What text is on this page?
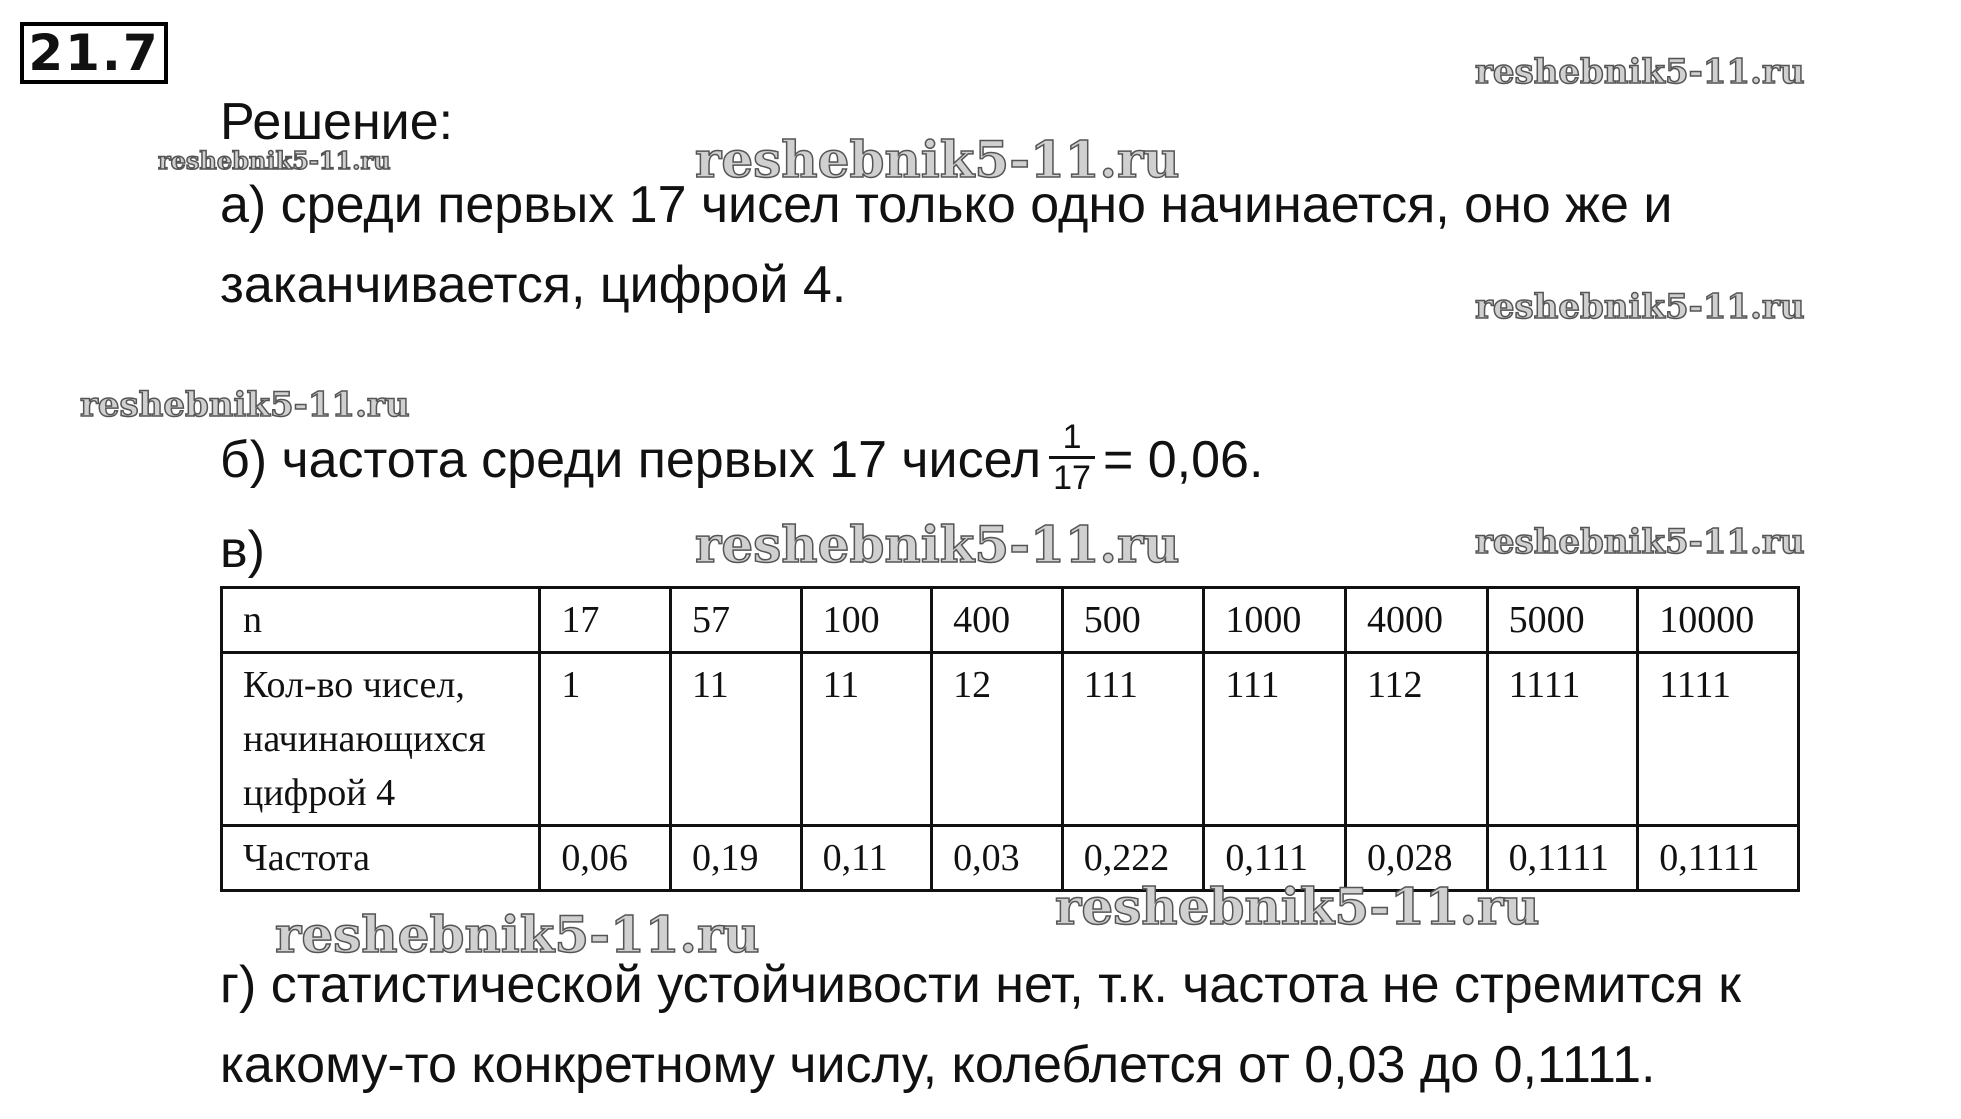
21.7
Решение:
а) среди первых 17 чисел только одно начинается, оно же и заканчивается, цифрой 4.
б) частота среди первых 17 чисел $\frac{1}{17} = 0,06$.
в)
n	17	57	100	400	500	1000	4000	5000	10000
Кол-во чисел, начинающихся цифрой 4	1	11	11	12	111	111	112	1111	1111
Частота	0,06	0,19	0,11	0,03	0,222	0,111	0,028	0,1111	0,1111
г) статистической устойчивости нет, т.к. частота не стремится к какому-то конкретному числу, колеблется от 0,03 до 0,1111.
reshebnik5-11.ru
reshebnik5-11.ru	reshebnik5-11.ru
reshebnik5-11.ru
reshebnik5-11.ru
reshebnik5-11.ru	reshebnik5-11.ru
reshebnik5-11.ru
reshebnik5-11.ru
